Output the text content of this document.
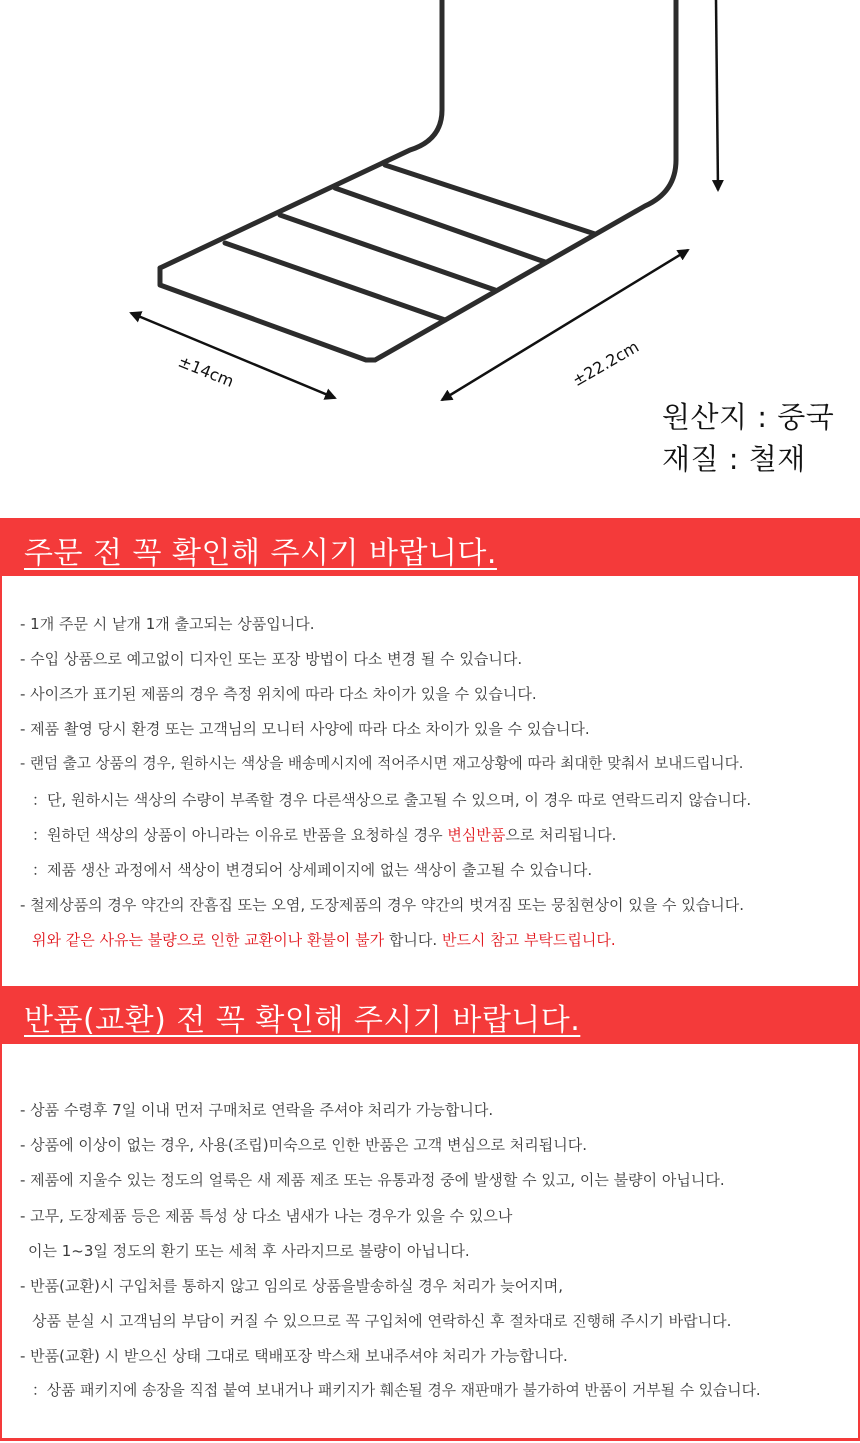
±14cm	±22.2cm
원산지 : 중국
재질 : 철재
주문 전 꼭 확인해 주시기 바랍니다.
- 1개 주문 시 낱개 1개 출고되는 상품입니다.
- 수입 상품으로 예고없이 디자인 또는 포장 방법이 다소 변경 될 수 있습니다.
- 사이즈가 표기된 제품의 경우 측정 위치에 따라 다소 차이가 있을 수 있습니다.
- 제품 촬영 당시 환경 또는 고객님의 모니터 사양에 따라 다소 차이가 있을 수 있습니다.
- 랜덤 출고 상품의 경우, 원하시는 색상을 배송메시지에 적어주시면 재고상황에 따라 최대한 맞춰서 보내드립니다.
：단, 원하시는 색상의 수량이 부족할 경우 다른색상으로 출고될 수 있으며, 이 경우 따로 연락드리지 않습니다.
：원하던 색상의 상품이 아니라는 이유로 반품을 요청하실 경우 변심반품으로 처리됩니다.
：제품 생산 과정에서 색상이 변경되어 상세페이지에 없는 색상이 출고될 수 있습니다.
- 철제상품의 경우 약간의 잔흠집 또는 오염, 도장제품의 경우 약간의 벗겨짐 또는 뭉침현상이 있을 수 있습니다.
위와 같은 사유는 불량으로 인한 교환이나 환불이 불가 합니다. 반드시 참고 부탁드립니다.
반품(교환) 전 꼭 확인해 주시기 바랍니다.
- 상품 수령후 7일 이내 먼저 구매처로 연락을 주셔야 처리가 가능합니다.
- 상품에 이상이 없는 경우, 사용(조립)미숙으로 인한 반품은 고객 변심으로 처리됩니다.
- 제품에 지울수 있는 정도의 얼룩은 새 제품 제조 또는 유통과정 중에 발생할 수 있고, 이는 불량이 아닙니다.
- 고무, 도장제품 등은 제품 특성 상 다소 냄새가 나는 경우가 있을 수 있으나
이는 1~3일 정도의 환기 또는 세척 후 사라지므로 불량이 아닙니다.
- 반품(교환)시 구입처를 통하지 않고 임의로 상품을발송하실 경우 처리가 늦어지며,
상품 분실 시 고객님의 부담이 커질 수 있으므로 꼭 구입처에 연락하신 후 절차대로 진행해 주시기 바랍니다.
- 반품(교환) 시 받으신 상태 그대로 택배포장 박스채 보내주셔야 처리가 가능합니다.
：상품 패키지에 송장을 직접 붙여 보내거나 패키지가 훼손될 경우 재판매가 불가하여 반품이 거부될 수 있습니다.
